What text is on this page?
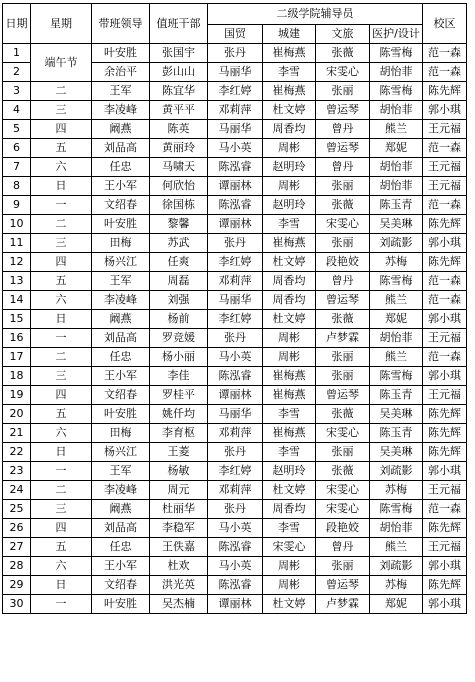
日期	星期	带班领导	值班干部	二级学院辅导员				校区
				国贸	城建	文旅	医护/设计	
1	端午节	叶安胜	张国宇	张丹	崔梅燕	张薇	陈雪梅	范一森
2		余治平	彭山山	马丽华	李雪	宋雯心	胡怡菲	范一森
3	二	王军	陈宜华	李红婷	崔梅燕	张丽	陈雪梅	陈先辉
4	三	李凌峰	黄平平	邓莉萍	杜文婷	曾运琴	胡怡菲	郭小琪
5	四	阚燕	陈英	马丽华	周香均	曾丹	熊兰	王元福
6	五	刘品高	黄丽玲	马小英	周彬	曾运琴	郑妮	范一森
7	六	任忠	马啸天	陈泓睿	赵明玲	曾丹	胡怡菲	王元福
8	日	王小军	何欣怡	谭丽林	周彬	张丽	胡怡菲	王元福
9	一	文绍春	徐国栋	陈泓睿	赵明玲	张薇	陈玉青	范一森
10	二	叶安胜	黎馨	谭丽林	李雪	宋雯心	吴美琳	陈先辉
11	三	田梅	苏武	张丹	崔梅燕	张丽	刘疏影	郭小琪
12	四	杨兴江	任爽	李红婷	杜文婷	段艳姣	苏梅	陈先辉
13	五	王军	周磊	邓莉萍	周香均	曾丹	陈雪梅	范一森
14	六	李凌峰	刘强	马丽华	周香均	曾运琴	熊兰	范一森
15	日	阚燕	杨前	李红婷	杜文婷	张薇	郑妮	郭小琪
16	一	刘品高	罗竞媛	张丹	周彬	卢梦霖	胡怡菲	王元福
17	二	任忠	杨小丽	马小英	周彬	张丽	熊兰	范一森
18	三	王小军	李佳	陈泓睿	崔梅燕	张丽	陈雪梅	郭小琪
19	四	文绍春	罗桂平	谭丽林	崔梅燕	曾运琴	陈玉青	王元福
20	五	叶安胜	姚仟均	马丽华	李雪	张薇	吴美琳	陈先辉
21	六	田梅	李育枢	邓莉萍	崔梅燕	宋雯心	陈玉青	陈先辉
22	日	杨兴江	王菱	张丹	李雪	张丽	吴美琳	陈先辉
23	一	王军	杨敏	李红婷	赵明玲	张薇	刘疏影	郭小琪
24	二	李凌峰	周元	邓莉萍	杜文婷	宋雯心	苏梅	王元福
25	三	阚燕	杜丽华	张丹	周香均	宋雯心	陈雪梅	范一森
26	四	刘品高	李稳军	马小英	李雪	段艳姣	胡怡菲	陈先辉
27	五	任忠	王佚嘉	陈泓睿	宋雯心	曾丹	熊兰	王元福
28	六	王小军	杜欢	马小英	周彬	张丽	刘疏影	郭小琪
29	日	文绍春	洪光英	陈泓睿	周彬	曾运琴	苏梅	陈先辉
30	一	叶安胜	吴杰楠	谭丽林	杜文婷	卢梦霖	郑妮	郭小琪
